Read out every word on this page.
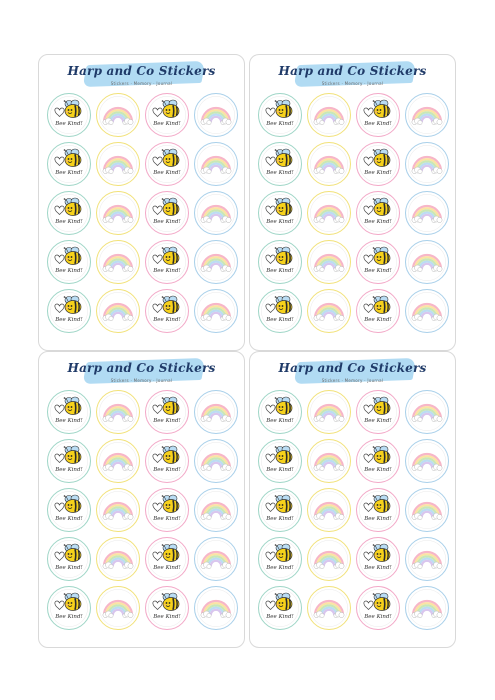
Harp and Co Stickers
Stickers · Memory · Journal
Bee Kind!	Bee Kind!
Bee Kind!	Bee Kind!
Bee Kind!	Bee Kind!
Bee Kind!	Bee Kind!
Bee Kind!	Bee Kind!
Harp and Co Stickers
Stickers · Memory · Journal
Bee Kind!	Bee Kind!
Bee Kind!	Bee Kind!
Bee Kind!	Bee Kind!
Bee Kind!	Bee Kind!
Bee Kind!	Bee Kind!
Harp and Co Stickers
Stickers · Memory · Journal
Bee Kind!	Bee Kind!
Bee Kind!	Bee Kind!
Bee Kind!	Bee Kind!
Bee Kind!	Bee Kind!
Bee Kind!	Bee Kind!
Harp and Co Stickers
Stickers · Memory · Journal
Bee Kind!	Bee Kind!
Bee Kind!	Bee Kind!
Bee Kind!	Bee Kind!
Bee Kind!	Bee Kind!
Bee Kind!	Bee Kind!
